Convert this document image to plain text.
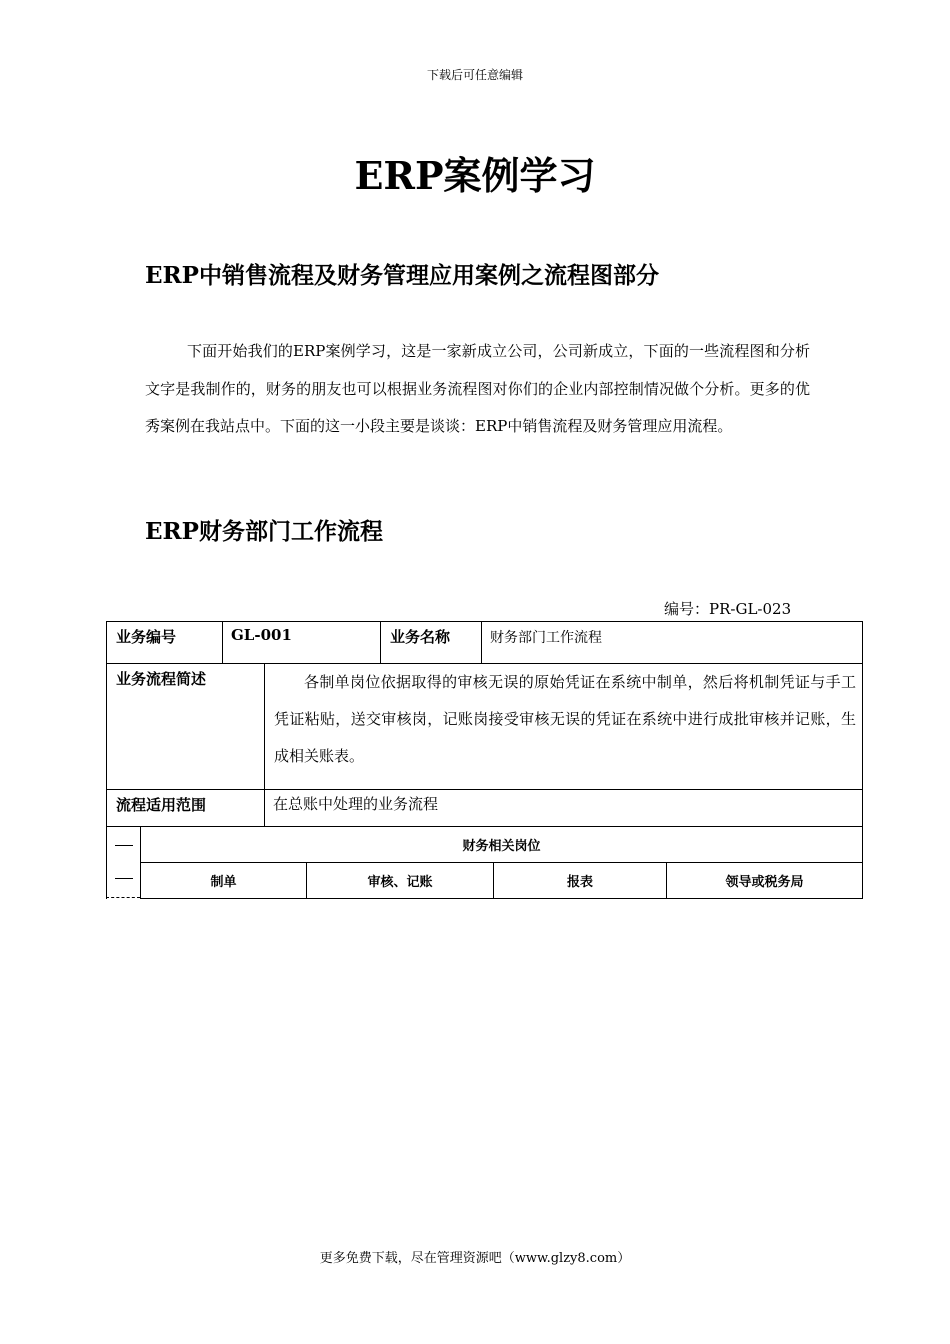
下载后可任意编辑
ERP案例学习
ERP中销售流程及财务管理应用案例之流程图部分

下面开始我们的ERP案例学习，这是一家新成立公司，公司新成立，下面的一些流程图和分析文字是我制作的，财务的朋友也可以根据业务流程图对你们的企业内部控制情况做个分析。更多的优秀案例在我站点中。下面的这一小段主要是谈谈：ERP中销售流程及财务管理应用流程。

ERP财务部门工作流程
编号：PR-GL-023
业务编号	GL-001		业务名称	财务部门工作流程
业务流程简述		各制单岗位依据取得的审核无误的原始凭证在系统中制单，然后将机制凭证与手工凭证粘贴，送交审核岗，记账岗接受审核无误的凭证在系统中进行成批审核并记账，生成相关账表。		
流程适用范围		在总账中处理的业务流程		
	财务相关岗位			
	制单	审核、记账	报表	领导或税务局
更多免费下载，尽在管理资源吧（www.glzy8.com）
